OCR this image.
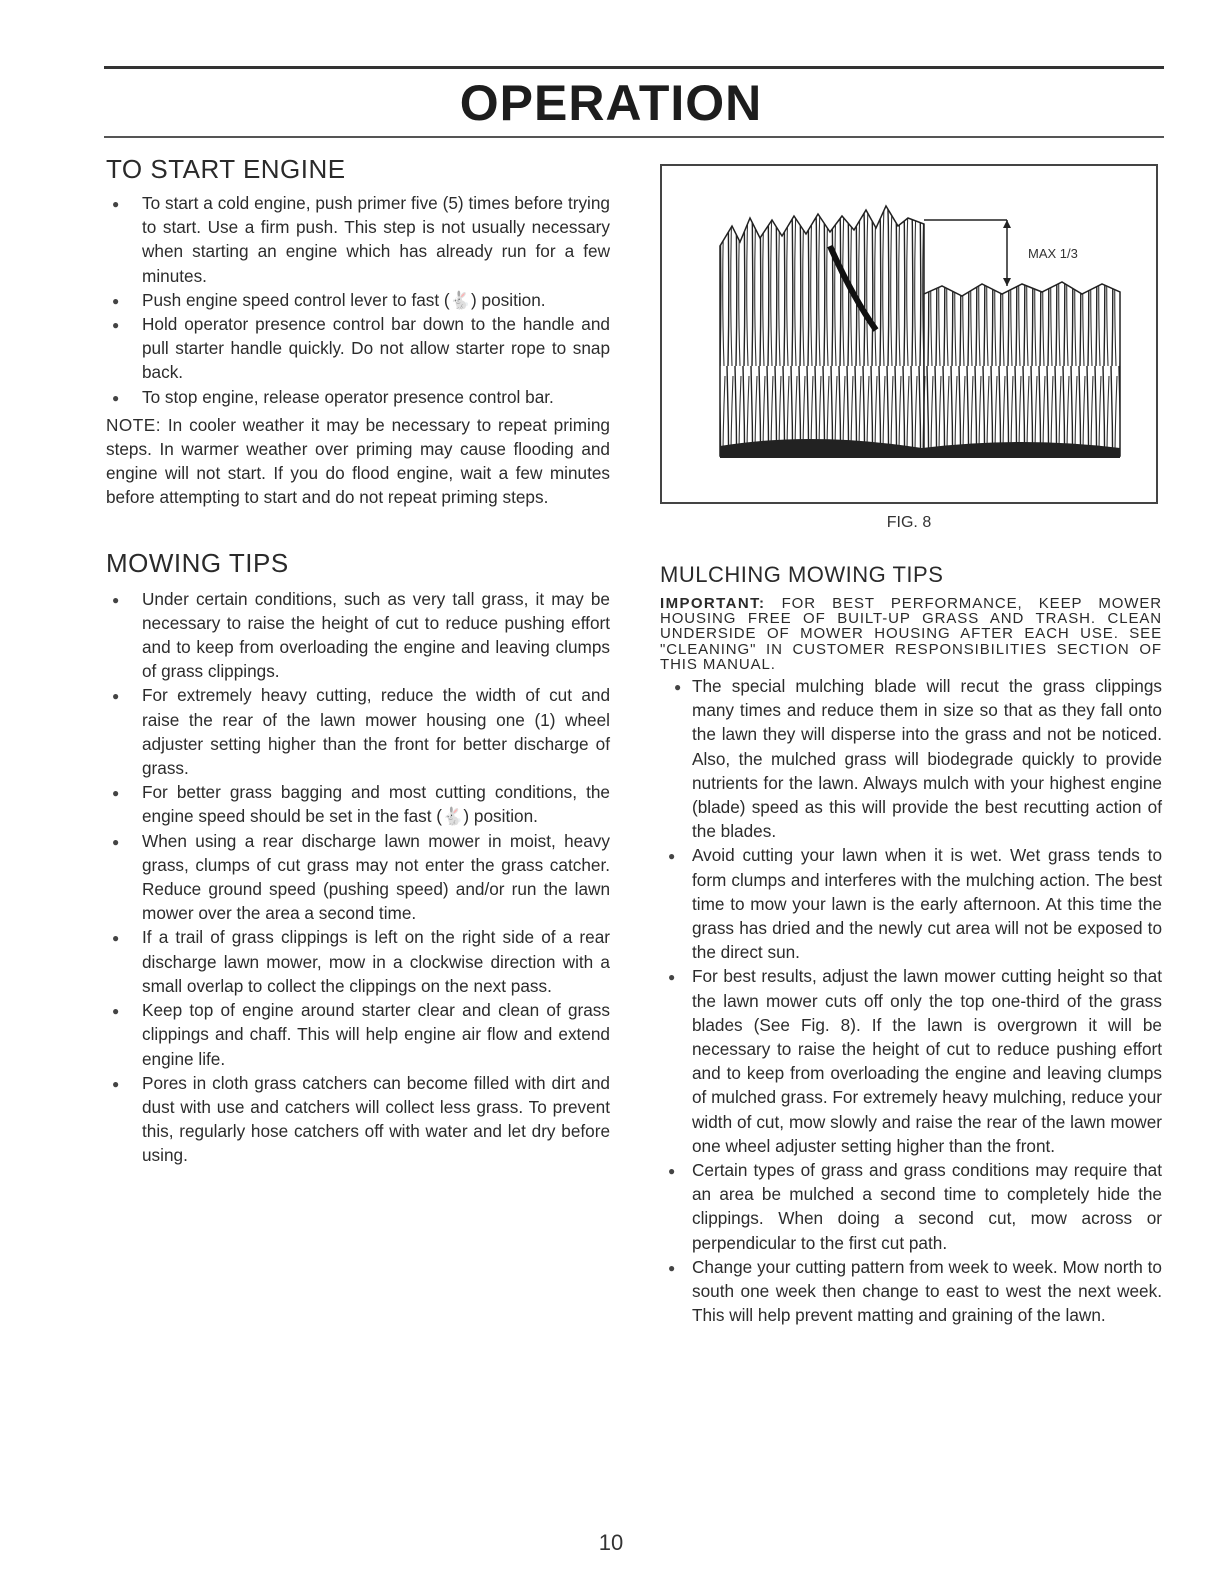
OPERATION
TO START ENGINE
● To start a cold engine, push primer five (5) times before trying to start. Use a firm push. This step is not usually necessary when starting an engine which has already run for a few minutes.
● Push engine speed control lever to fast (🐇) position.
● Hold operator presence control bar down to the handle and pull starter handle quickly. Do not allow starter rope to snap back.
● To stop engine, release operator presence control bar.

NOTE: In cooler weather it may be necessary to repeat priming steps. In warmer weather over priming may cause flooding and engine will not start. If you do flood engine, wait a few minutes before attempting to start and do not repeat priming steps.

MOWING TIPS
● Under certain conditions, such as very tall grass, it may be necessary to raise the height of cut to reduce pushing effort and to keep from overloading the engine and leaving clumps of grass clippings.
● For extremely heavy cutting, reduce the width of cut and raise the rear of the lawn mower housing one (1) wheel adjuster setting higher than the front for better discharge of grass.
● For better grass bagging and most cutting conditions, the engine speed should be set in the fast (🐇) position.
● When using a rear discharge lawn mower in moist, heavy grass, clumps of cut grass may not enter the grass catcher. Reduce ground speed (pushing speed) and/or run the lawn mower over the area a second time.
● If a trail of grass clippings is left on the right side of a rear discharge lawn mower, mow in a clockwise direction with a small overlap to collect the clippings on the next pass.
● Keep top of engine around starter clear and clean of grass clippings and chaff. This will help engine air flow and extend engine life.
● Pores in cloth grass catchers can become filled with dirt and dust with use and catchers will collect less grass. To prevent this, regularly hose catchers off with water and let dry before using.
MAX 1/3
FIG. 8
MULCHING MOWING TIPS

IMPORTANT: FOR BEST PERFORMANCE, KEEP MOWER HOUSING FREE OF BUILT-UP GRASS AND TRASH. CLEAN UNDERSIDE OF MOWER HOUSING AFTER EACH USE. SEE "CLEANING" IN CUSTOMER RESPONSIBILITIES SECTION OF THIS MANUAL.

● The special mulching blade will recut the grass clippings many times and reduce them in size so that as they fall onto the lawn they will disperse into the grass and not be noticed. Also, the mulched grass will biodegrade quickly to provide nutrients for the lawn. Always mulch with your highest engine (blade) speed as this will provide the best recutting action of the blades.
● Avoid cutting your lawn when it is wet. Wet grass tends to form clumps and interferes with the mulching action. The best time to mow your lawn is the early afternoon. At this time the grass has dried and the newly cut area will not be exposed to the direct sun.
● For best results, adjust the lawn mower cutting height so that the lawn mower cuts off only the top one-third of the grass blades (See Fig. 8). If the lawn is overgrown it will be necessary to raise the height of cut to reduce pushing effort and to keep from overloading the engine and leaving clumps of mulched grass. For extremely heavy mulching, reduce your width of cut, mow slowly and raise the rear of the lawn mower one wheel adjuster setting higher than the front.
● Certain types of grass and grass conditions may require that an area be mulched a second time to completely hide the clippings. When doing a second cut, mow across or perpendicular to the first cut path.
● Change your cutting pattern from week to week. Mow north to south one week then change to east to west the next week. This will help prevent matting and graining of the lawn.
10
